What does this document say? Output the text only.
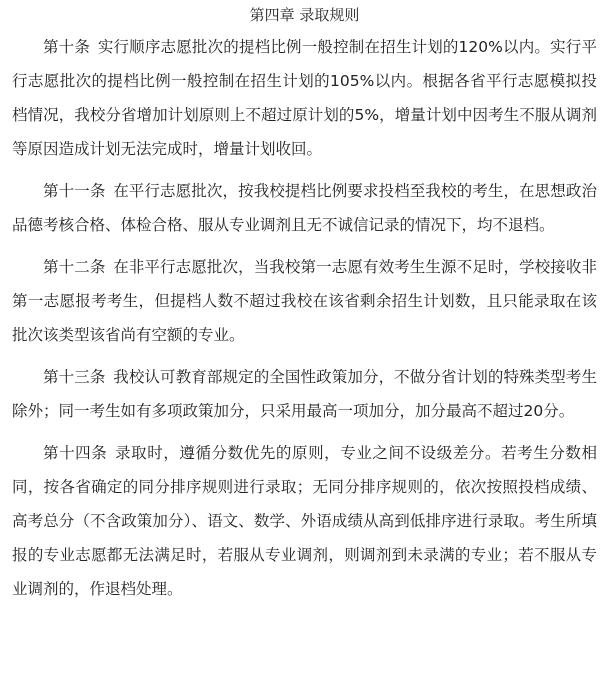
第四章 录取规则

第十条 实行顺序志愿批次的提档比例一般控制在招生计划的120%以内。实行平行志愿批次的提档比例一般控制在招生计划的105%以内。根据各省平行志愿模拟投档情况，我校分省增加计划原则上不超过原计划的5%，增量计划中因考生不服从调剂等原因造成计划无法完成时，增量计划收回。

第十一条 在平行志愿批次，按我校提档比例要求投档至我校的考生，在思想政治品德考核合格、体检合格、服从专业调剂且无不诚信记录的情况下，均不退档。

第十二条 在非平行志愿批次，当我校第一志愿有效考生生源不足时，学校接收非第一志愿报考考生，但提档人数不超过我校在该省剩余招生计划数，且只能录取在该批次该类型该省尚有空额的专业。

第十三条 我校认可教育部规定的全国性政策加分，不做分省计划的特殊类型考生除外；同一考生如有多项政策加分，只采用最高一项加分，加分最高不超过20分。

第十四条 录取时，遵循分数优先的原则，专业之间不设级差分。若考生分数相同，按各省确定的同分排序规则进行录取；无同分排序规则的，依次按照投档成绩、高考总分（不含政策加分）、语文、数学、外语成绩从高到低排序进行录取。考生所填报的专业志愿都无法满足时，若服从专业调剂，则调剂到未录满的专业；若不服从专业调剂的，作退档处理。
